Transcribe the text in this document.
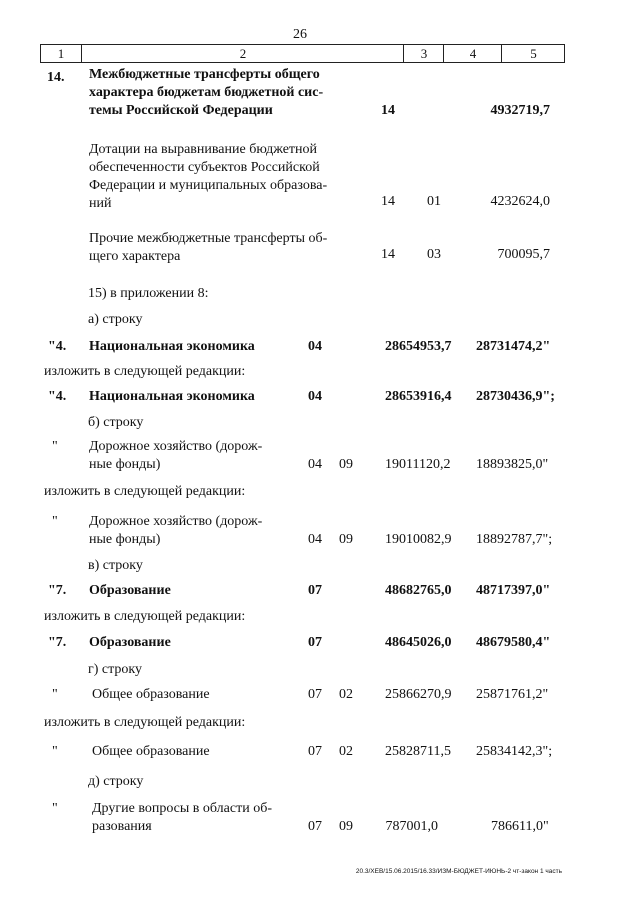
26
1	2	3	4	5
14. Межбюджетные трансферты общего
характера бюджетам бюджетной сис-
темы Российской Федерации	14	4932719,7
Дотации на выравнивание бюджетной
обеспеченности субъектов Российской
Федерации и муниципальных образова-
ний	14 01	4232624,0
Прочие межбюджетные трансферты об-
щего характера	14 03	700095,7
15) в приложении 8:
а) строку
"4. Национальная экономика	04	28654953,7 28731474,2"
изложить в следующей редакции:
"4. Национальная экономика	04	28653916,4 28730436,9";
б) строку
" Дорожное хозяйство (дорож-
ные фонды)	04 09 19011120,2 18893825,0"
изложить в следующей редакции:
" Дорожное хозяйство (дорож-
ные фонды)	04 09 19010082,9 18892787,7";
в) строку
"7. Образование	07	48682765,0 48717397,0"
изложить в следующей редакции:
"7. Образование	07	48645026,0 48679580,4"
г) строку
" Общее образование	07 02 25866270,9 25871761,2"
изложить в следующей редакции:
" Общее образование	07 02 25828711,5 25834142,3";
д) строку
" Другие вопросы в области об-
разования	07 09 787001,0	786611,0"
20.3/ХЕВ/15.06.2015/16.33/ИЗМ-БЮДЖЕТ-ИЮНЬ-2 чт-закон 1 часть
